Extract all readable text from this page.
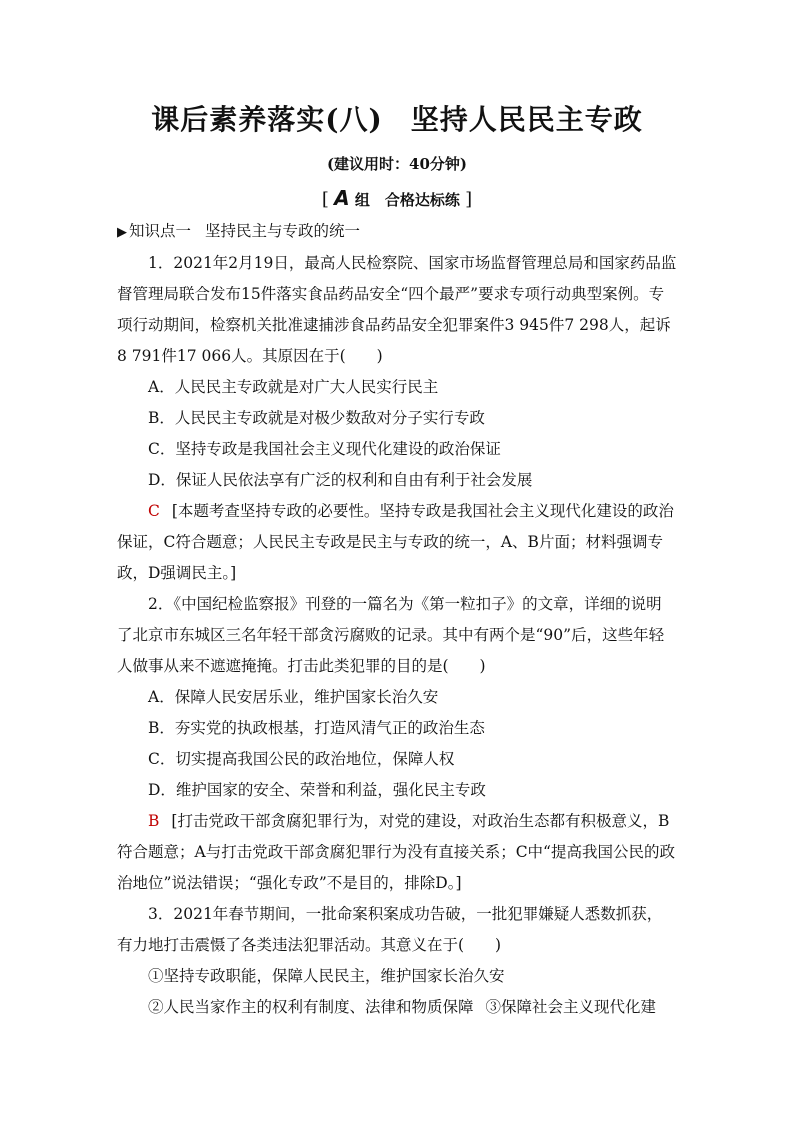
课后素养落实(八) 坚持人民民主专政
(建议用时：40分钟)
[ A 组　合格达标练 ]

▶ 知识点一 坚持民主与专政的统一

1．2021年2月19日，最高人民检察院、国家市场监督管理总局和国家药品监督管理局联合发布15件落实食品药品安全“四个最严”要求专项行动典型案例。专项行动期间，检察机关批准逮捕涉食品药品安全犯罪案件3 945件7 298人，起诉8 791件17 066人。其原因在于(　　)

A．人民民主专政就是对广大人民实行民主

B．人民民主专政就是对极少数敌对分子实行专政

C．坚持专政是我国社会主义现代化建设的政治保证

D．保证人民依法享有广泛的权利和自由有利于社会发展

C [本题考查坚持专政的必要性。坚持专政是我国社会主义现代化建设的政治保证，C符合题意；人民民主专政是民主与专政的统一，A、B片面；材料强调专政，D强调民主。]

2．《中国纪检监察报》刊登的一篇名为《第一粒扣子》的文章，详细的说明了北京市东城区三名年轻干部贪污腐败的记录。其中有两个是“90”后，这些年轻人做事从来不遮遮掩掩。打击此类犯罪的目的是(　　)

A．保障人民安居乐业，维护国家长治久安

B．夯实党的执政根基，打造风清气正的政治生态

C．切实提高我国公民的政治地位，保障人权

D．维护国家的安全、荣誉和利益，强化民主专政

B [打击党政干部贪腐犯罪行为，对党的建设，对政治生态都有积极意义，B符合题意；A与打击党政干部贪腐犯罪行为没有直接关系；C中“提高我国公民的政治地位”说法错误；“强化专政”不是目的，排除D。]

3．2021年春节期间，一批命案积案成功告破，一批犯罪嫌疑人悉数抓获，有力地打击震慑了各类违法犯罪活动。其意义在于(　　)

①坚持专政职能，保障人民民主，维护国家长治久安

②人民当家作主的权利有制度、法律和物质保障 ③保障社会主义现代化建
